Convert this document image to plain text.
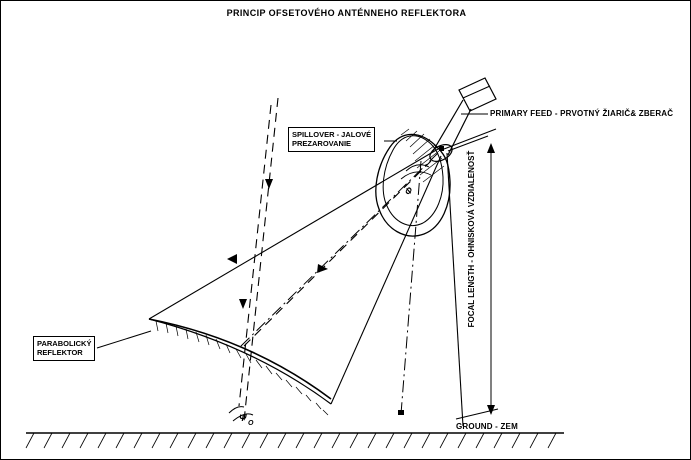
PRINCIP OFSETOVÉHO ANTÉNNEHO REFLEKTORA
SPILLOVER - JALOVÉ
PREZAROVANIE
PARABOLICKÝ
REFLEKTOR
PRIMARY FEED - PRVOTNÝ ŽIARIČ& ZBERAČ
GROUND - ZEM
FOCAL LENGTH - OHNISKOVÁ VZDIALENOSŤ
Ψ
O
Φ
